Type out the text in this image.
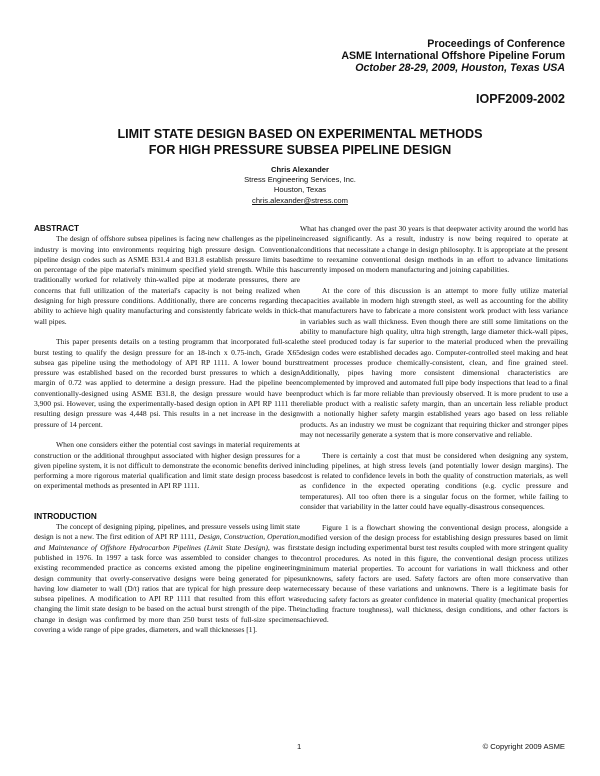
Proceedings of Conference
ASME International Offshore Pipeline Forum
October 28-29, 2009, Houston, Texas USA
IOPF2009-2002
LIMIT STATE DESIGN BASED ON EXPERIMENTAL METHODS
FOR HIGH PRESSURE SUBSEA PIPELINE DESIGN
Chris Alexander
Stress Engineering Services, Inc.
Houston, Texas
chris.alexander@stress.com
ABSTRACT

The design of offshore subsea pipelines is facing new challenges as the pipeline industry is moving into environments requiring high pressure design. Conventional pipeline design codes such as ASME B31.4 and B31.8 establish pressure limits based on percentage of the pipe material's minimum specified yield strength. While this has traditionally worked for relatively thin-walled pipe at moderate pressures, there are concerns that full utilization of the material's capacity is not being realized when designing for high pressure conditions. Additionally, there are concerns regarding the ability to achieve high quality manufacturing and consistently fabricate welds in thick-wall pipes.

This paper presents details on a testing programm that incorporated full-scale burst testing to qualify the design pressure for an 18-inch x 0.75-inch, Grade X65 subsea gas pipeline using the methodology of API RP 1111. A lower bound burst pressure was established based on the recorded burst pressures to which a design margin of 0.72 was applied to determine a design pressure. Had the pipeline been conventionally-designed using ASME B31.8, the design pressure would have been 3,900 psi. However, using the experimentally-based design option in API RP 1111 the resulting design pressure was 4,448 psi. This results in a net increase in the design pressure of 14 percent.

When one considers either the potential cost savings in material requirements at construction or the additional throughput associated with higher design pressures for a given pipeline system, it is not difficult to demonstrate the economic benefits derived in performing a more rigorous material qualification and limit state design process based on experimental methods as presented in API RP 1111.

INTRODUCTION

The concept of designing piping, pipelines, and pressure vessels using limit state design is not a new. The first edition of API RP 1111, Design, Construction, Operation, and Maintenance of Offshore Hydrocarbon Pipelines (Limit State Design), was first published in 1976. In 1997 a task force was assembled to consider changes to the existing recommended practice as concerns existed among the pipeline engineering design community that overly-conservative designs were being generated for pipes having low diameter to wall (D/t) ratios that are typical for high pressure deep water subsea pipelines. A modification to API RP 1111 that resulted from this effort was changing the limit state design to be based on the actual burst strength of the pipe. The change in design was confirmed by more than 250 burst tests of full-size specimens covering a wide range of pipe grades, diameters, and wall thicknesses [1].

What has changed over the past 30 years is that deepwater activity around the world has increased significantly. As a result, industry is now being required to operate at conditions that necessitate a change in design philosophy. It is appropriate at the present time to reexamine conventional design methods in an effort to advance limitations currently imposed on modern manufacturing and joining capabilities.

At the core of this discussion is an attempt to more fully utilize material capacities available in modern high strength steel, as well as accounting for the ability that manufacturers have to fabricate a more consistent work product with less variance in variables such as wall thickness. Even though there are still some limitations on the ability to manufacture high quality, ultra high strength, large diameter thick-wall pipes, the steel produced today is far superior to the material produced when the prevailing design codes were established decades ago. Computer-controlled steel making and heat treatment processes produce chemically-consistent, clean, and fine grained steel. Additionally, pipes having more consistent dimensional characteristics are complemented by improved and automated full pipe body inspections that lead to a final product which is far more reliable than previously observed. It is more prudent to use a reliable product with a realistic safety margin, than an uncertain less reliable product with a notionally higher safety margin established years ago based on less reliable products. As an industry we must be cognizant that requiring thicker and stronger pipes may not necessarily generate a system that is more conservative and reliable.

There is certainly a cost that must be considered when designing any system, including pipelines, at high stress levels (and potentially lower design margins). The cost is related to confidence levels in both the quality of construction materials, as well as confidence in the expected operating conditions (e.g. cyclic pressure and temperatures). All too often there is a singular focus on the former, while failing to consider that variability in the latter could have equally-disastrous consequences.

Figure 1 is a flowchart showing the conventional design process, alongside a modified version of the design process for establishing design pressures based on limit state design including experimental burst test results coupled with more stringent quality control procedures. As noted in this figure, the conventional design process utilizes minimum material properties. To account for variations in wall thickness and other unknowns, safety factors are used. Safety factors are often more conservative than necessary because of these variations and unknowns. There is a legitimate basis for reducing safety factors as greater confidence in material quality (mechanical properties including fracture toughness), wall thickness, design conditions, and other factors is achieved.

1	© Copyright 2009 ASME
